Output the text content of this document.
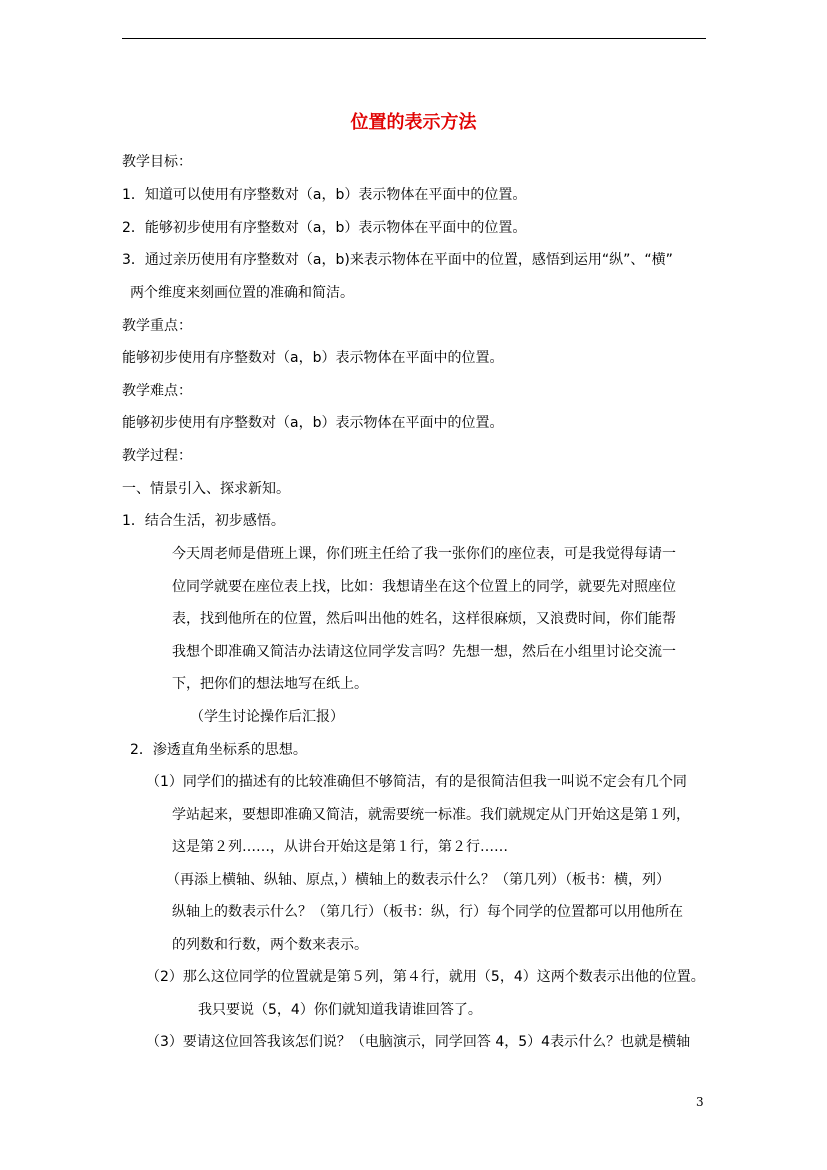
位置的表示方法
教学目标：
1．知道可以使用有序整数对（a，b）表示物体在平面中的位置。
2．能够初步使用有序整数对（a，b）表示物体在平面中的位置。
3．通过亲历使用有序整数对（a，b)来表示物体在平面中的位置，感悟到运用“纵”、“横”
两个维度来刻画位置的准确和简洁。
教学重点：
能够初步使用有序整数对（a，b）表示物体在平面中的位置。
教学难点：
能够初步使用有序整数对（a，b）表示物体在平面中的位置。
教学过程：
一、情景引入、探求新知。
1．结合生活，初步感悟。
今天周老师是借班上课，你们班主任给了我一张你们的座位表，可是我觉得每请一
位同学就要在座位表上找，比如：我想请坐在这个位置上的同学，就要先对照座位
表，找到他所在的位置，然后叫出他的姓名，这样很麻烦，又浪费时间，你们能帮
我想个即准确又简洁办法请这位同学发言吗？先想一想，然后在小组里讨论交流一
下，把你们的想法地写在纸上。
（学生讨论操作后汇报）
2．渗透直角坐标系的思想。
（1）同学们的描述有的比较准确但不够简洁，有的是很简洁但我一叫说不定会有几个同
学站起来，要想即准确又简洁，就需要统一标准。我们就规定从门开始这是第１列，
这是第２列……，从讲台开始这是第１行，第２行……
（再添上横轴、纵轴、原点，）横轴上的数表示什么？（第几列）（板书：横，列）
纵轴上的数表示什么？（第几行）（板书：纵，行）每个同学的位置都可以用他所在
的列数和行数，两个数来表示。
（2）那么这位同学的位置就是第５列，第４行，就用（5，4）这两个数表示出他的位置。
我只要说（5，4）你们就知道我请谁回答了。
（3）要请这位回答我该怎们说？（电脑演示，同学回答 4，5）4表示什么？也就是横轴
3
